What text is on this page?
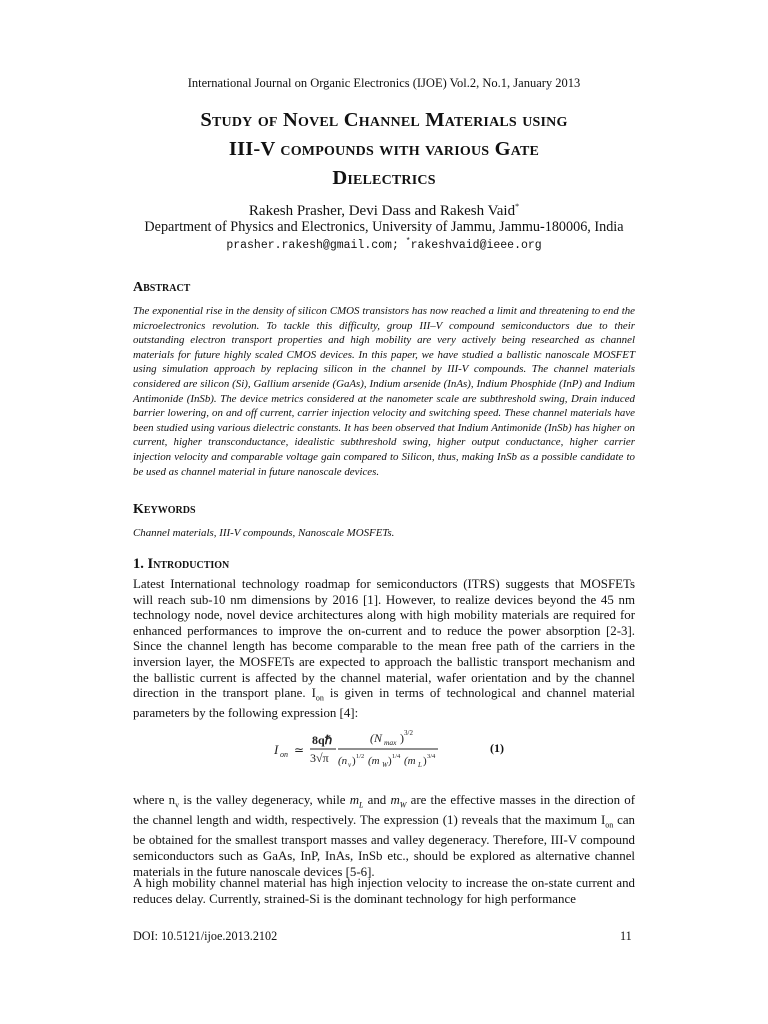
International Journal on Organic Electronics (IJOE) Vol.2, No.1, January 2013
Study of Novel Channel Materials using
III-V compounds with various Gate
Dielectrics
Rakesh Prasher, Devi Dass and Rakesh Vaid*
Department of Physics and Electronics, University of Jammu, Jammu-180006, India
prasher.rakesh@gmail.com; *rakeshvaid@ieee.org
Abstract
The exponential rise in the density of silicon CMOS transistors has now reached a limit and threatening to end the microelectronics revolution. To tackle this difficulty, group III–V compound semiconductors due to their outstanding electron transport properties and high mobility are very actively being researched as channel materials for future highly scaled CMOS devices. In this paper, we have studied a ballistic nanoscale MOSFET using simulation approach by replacing silicon in the channel by III-V compounds. The channel materials considered are silicon (Si), Gallium arsenide (GaAs), Indium arsenide (InAs), Indium Phosphide (InP) and Indium Antimonide (InSb). The device metrics considered at the nanometer scale are subthreshold swing, Drain induced barrier lowering, on and off current, carrier injection velocity and switching speed. These channel materials have been studied using various dielectric constants. It has been observed that Indium Antimonide (InSb) has higher on current, higher transconductance, idealistic subthreshold swing, higher output conductance, higher carrier injection velocity and comparable voltage gain compared to Silicon, thus, making InSb as a possible candidate to be used as channel material in future nanoscale devices.
Keywords
Channel materials, III-V compounds, Nanoscale MOSFETs.
1. Introduction
Latest International technology roadmap for semiconductors (ITRS) suggests that MOSFETs will reach sub-10 nm dimensions by 2016 [1]. However, to realize devices beyond the 45 nm technology node, novel device architectures along with high mobility materials are required for enhanced performances to improve the on-current and to reduce the power absorption [2-3]. Since the channel length has become comparable to the mean free path of the carriers in the inversion layer, the MOSFETs are expected to approach the ballistic transport mechanism and the ballistic current is affected by the channel material, wafer orientation and by the channel direction in the transport plane. $I_{on}$ is given in terms of technological and channel material parameters by the following expression [4]:
I on ≃
8qℏ
3√π
(N max ) 3/2
(n v ) 1/2 (m W ) 1/4 (m L ) 3/4
(1)
where $n_v$ is the valley degeneracy, while $m_L$ and $m_W$ are the effective masses in the direction of the channel length and width, respectively. The expression (1) reveals that the maximum $I_{on}$ can be obtained for the smallest transport masses and valley degeneracy. Therefore, III-V compound semiconductors such as GaAs, InP, InAs, InSb etc., should be explored as alternative channel materials in the future nanoscale devices [5-6].
A high mobility channel material has high injection velocity to increase the on-state current and reduces delay. Currently, strained-Si is the dominant technology for high performance
DOI: 10.5121/ijoe.2013.2102	11
